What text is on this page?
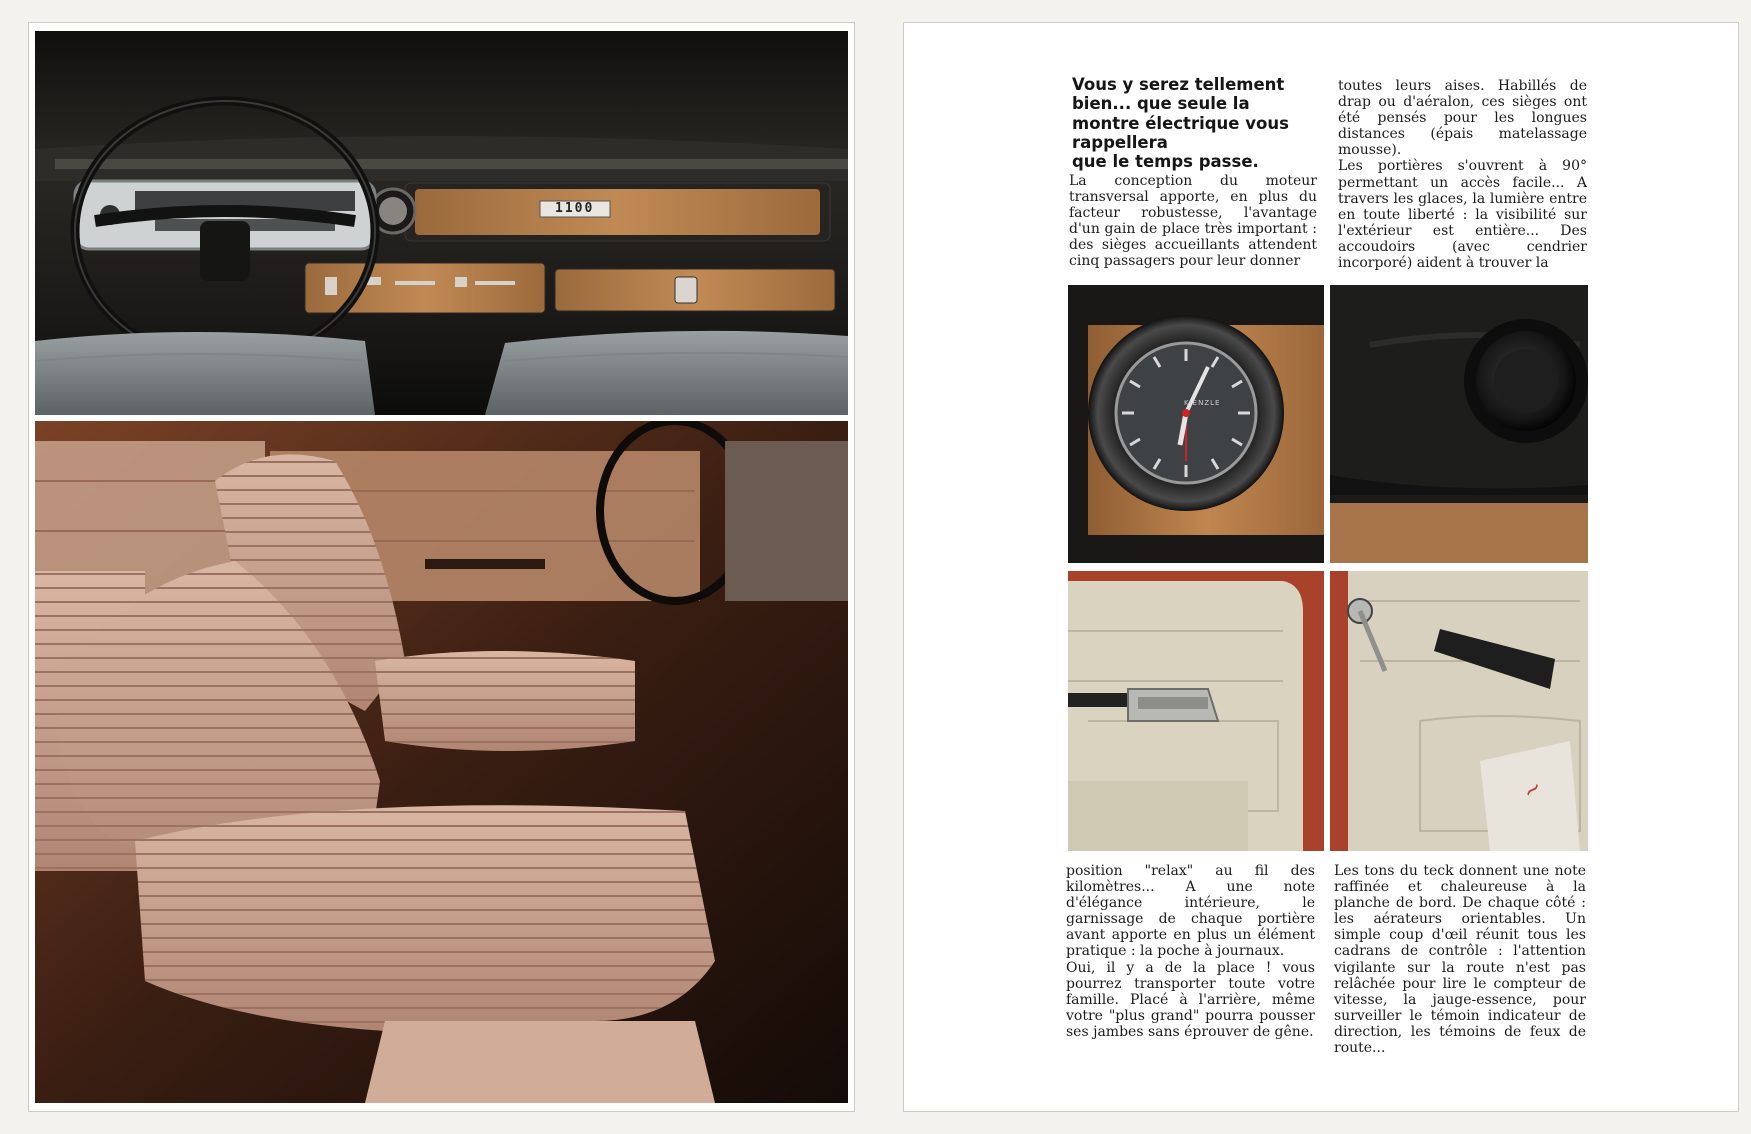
1100
Vous y serez tellement
bien... que seule la
montre électrique vous
rappellera
que le temps passe.

La conception du moteur transversal apporte, en plus du facteur robustesse, l'avantage d'un gain de place très important : des sièges accueillants attendent cinq passagers pour leur donner

toutes leurs aises. Habillés de drap ou d'aéralon, ces sièges ont été pensés pour les longues distances (épais matelassage mousse).

Les portières s'ouvrent à 90° permettant un accès facile... A travers les glaces, la lumière entre en toute liberté : la visibilité sur l'extérieur est entière... Des accoudoirs (avec cendrier incorporé) aident à trouver la

KIENZLE
~

position "relax" au fil des kilomètres... A une note d'élégance intérieure, le garnissage de chaque portière avant apporte en plus un élément pratique : la poche à journaux.

Oui, il y a de la place ! vous pourrez transporter toute votre famille. Placé à l'arrière, même votre "plus grand" pourra pousser ses jambes sans éprouver de gêne.

Les tons du teck donnent une note raffinée et chaleureuse à la planche de bord. De chaque côté : les aérateurs orientables. Un simple coup d'œil réunit tous les cadrans de contrôle : l'attention vigilante sur la route n'est pas relâchée pour lire le compteur de vitesse, la jauge-essence, pour surveiller le témoin indicateur de direction, les témoins de feux de route...
